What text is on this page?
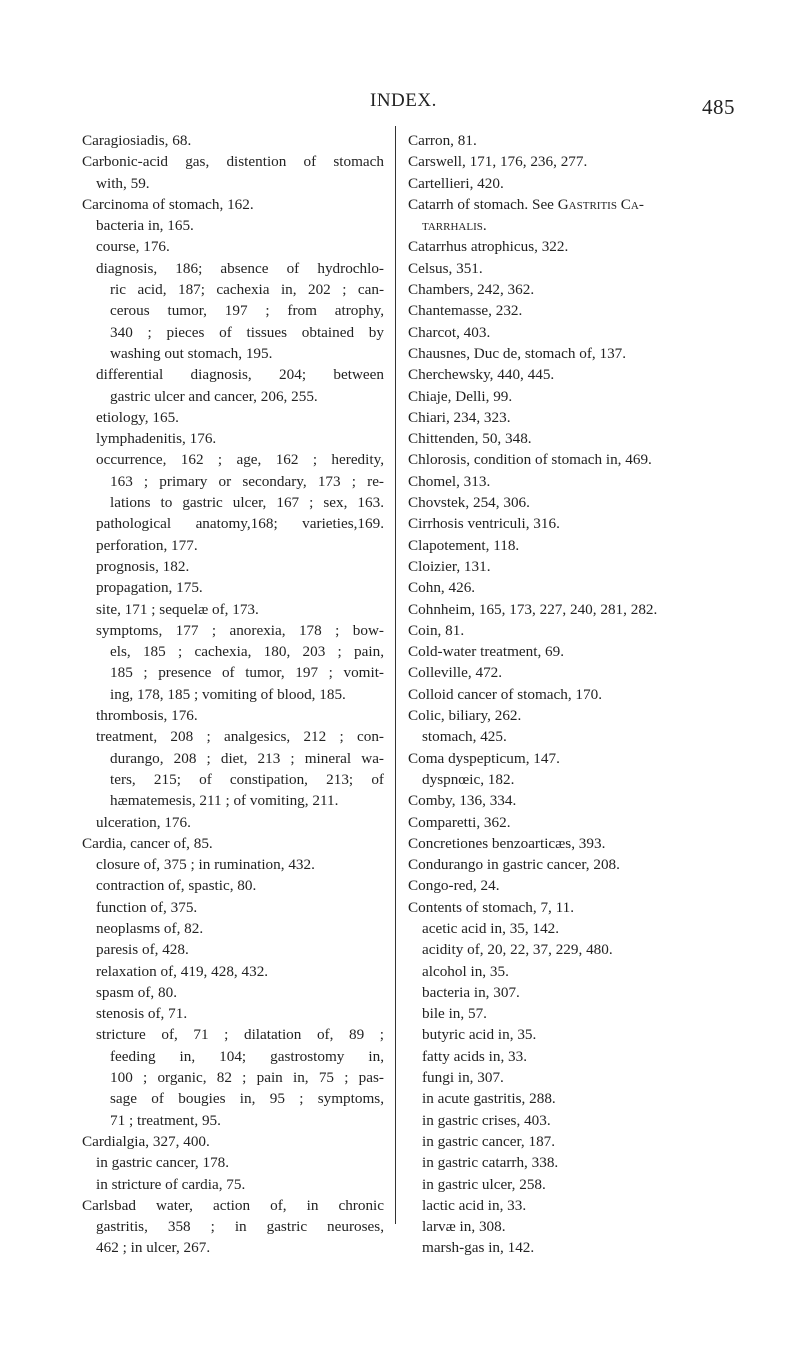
INDEX.	485
Caragiosiadis, 68.
Carbonic-acid gas, distention of stomach
with, 59.
Carcinoma of stomach, 162.
bacteria in, 165.
course, 176.
diagnosis, 186; absence of hydrochlo-
ric acid, 187; cachexia in, 202 ; can-
cerous tumor, 197 ; from atrophy,
340 ; pieces of tissues obtained by
washing out stomach, 195.
differential diagnosis, 204; between
gastric ulcer and cancer, 206, 255.
etiology, 165.
lymphadenitis, 176.
occurrence, 162 ; age, 162 ; heredity,
163 ; primary or secondary, 173 ; re-
lations to gastric ulcer, 167 ; sex, 163.
pathological anatomy,168; varieties,169.
perforation, 177.
prognosis, 182.
propagation, 175.
site, 171 ; sequelæ of, 173.
symptoms, 177 ; anorexia, 178 ; bow-
els, 185 ; cachexia, 180, 203 ; pain,
185 ; presence of tumor, 197 ; vomit-
ing, 178, 185 ; vomiting of blood, 185.
thrombosis, 176.
treatment, 208 ; analgesics, 212 ; con-
durango, 208 ; diet, 213 ; mineral wa-
ters, 215; of constipation, 213; of
hæmatemesis, 211 ; of vomiting, 211.
ulceration, 176.
Cardia, cancer of, 85.
closure of, 375 ; in rumination, 432.
contraction of, spastic, 80.
function of, 375.
neoplasms of, 82.
paresis of, 428.
relaxation of, 419, 428, 432.
spasm of, 80.
stenosis of, 71.
stricture of, 71 ; dilatation of, 89 ;
feeding in, 104; gastrostomy in,
100 ; organic, 82 ; pain in, 75 ; pas-
sage of bougies in, 95 ; symptoms,
71 ; treatment, 95.
Cardialgia, 327, 400.
in gastric cancer, 178.
in stricture of cardia, 75.
Carlsbad water, action of, in chronic
gastritis, 358 ; in gastric neuroses,
462 ; in ulcer, 267.
Carron, 81.
Carswell, 171, 176, 236, 277.
Cartellieri, 420.
Catarrh of stomach. See Gastritis Ca-
tarrhalis.
Catarrhus atrophicus, 322.
Celsus, 351.
Chambers, 242, 362.
Chantemasse, 232.
Charcot, 403.
Chausnes, Duc de, stomach of, 137.
Cherchewsky, 440, 445.
Chiaje, Delli, 99.
Chiari, 234, 323.
Chittenden, 50, 348.
Chlorosis, condition of stomach in, 469.
Chomel, 313.
Chovstek, 254, 306.
Cirrhosis ventriculi, 316.
Clapotement, 118.
Cloizier, 131.
Cohn, 426.
Cohnheim, 165, 173, 227, 240, 281, 282.
Coin, 81.
Cold-water treatment, 69.
Colleville, 472.
Colloid cancer of stomach, 170.
Colic, biliary, 262.
stomach, 425.
Coma dyspepticum, 147.
dyspnœic, 182.
Comby, 136, 334.
Comparetti, 362.
Concretiones benzoarticæs, 393.
Condurango in gastric cancer, 208.
Congo-red, 24.
Contents of stomach, 7, 11.
acetic acid in, 35, 142.
acidity of, 20, 22, 37, 229, 480.
alcohol in, 35.
bacteria in, 307.
bile in, 57.
butyric acid in, 35.
fatty acids in, 33.
fungi in, 307.
in acute gastritis, 288.
in gastric crises, 403.
in gastric cancer, 187.
in gastric catarrh, 338.
in gastric ulcer, 258.
lactic acid in, 33.
larvæ in, 308.
marsh-gas in, 142.
